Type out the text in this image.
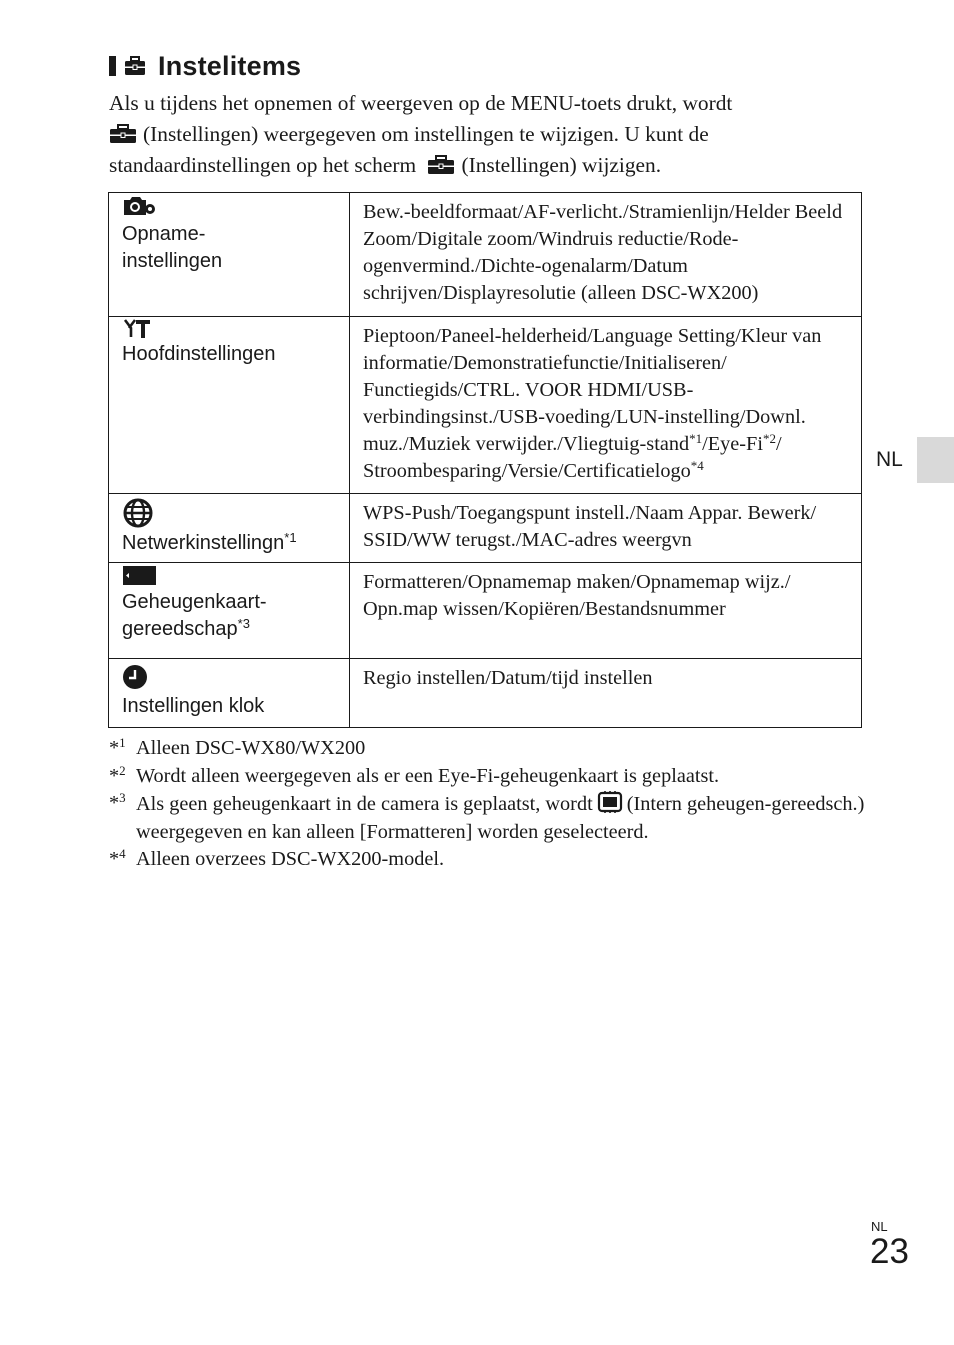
Instelitems
Als u tijdens het opnemen of weergeven op de MENU-toets drukt, wordt
(Instellingen) weergegeven om instellingen te wijzigen. U kunt de standaardinstellingen op het scherm (Instellingen) wijzigen.
Opname-
instellingen	Bew.-beeldformaat/AF-verlicht./Stramienlijn/Helder Beeld Zoom/Digitale zoom/Windruis reductie/Rode-ogenvermind./Dichte-ogenalarm/Datum schrijven/Displayresolutie (alleen DSC-WX200)

Hoofdinstellingen	Pieptoon/Paneel-helderheid/Language Setting/Kleur van informatie/Demonstratiefunctie/Initialiseren/ Functiegids/CTRL. VOOR HDMI/USB-verbindingsinst./USB-voeding/LUN-instelling/Downl. muz./Muziek verwijder./Vliegtuig-stand$^{*1}$/Eye-Fi$^{*2}$/ Stroombesparing/Versie/Certificatielogo$^{*4}$

Netwerkinstellingn$^{*1}$	WPS-Push/Toegangspunt instell./Naam Appar. Bewerk/ SSID/WW terugst./MAC-adres weergvn

Geheugenkaart-
gereedschap$^{*3}$	Formatteren/Opnamemap maken/Opnamemap wijz./ Opn.map wissen/Kopiëren/Bestandsnummer

Instellingen klok	Regio instellen/Datum/tijd instellen
*$^1$ Alleen DSC-WX80/WX200
*$^2$ Wordt alleen weergegeven als er een Eye-Fi-geheugenkaart is geplaatst.
*$^3$ Als geen geheugenkaart in de camera is geplaatst, wordt (Intern geheugen-gereedsch.) weergegeven en kan alleen [Formatteren] worden geselecteerd.
*$^4$ Alleen overzees DSC-WX200-model.
NL
NL
23
